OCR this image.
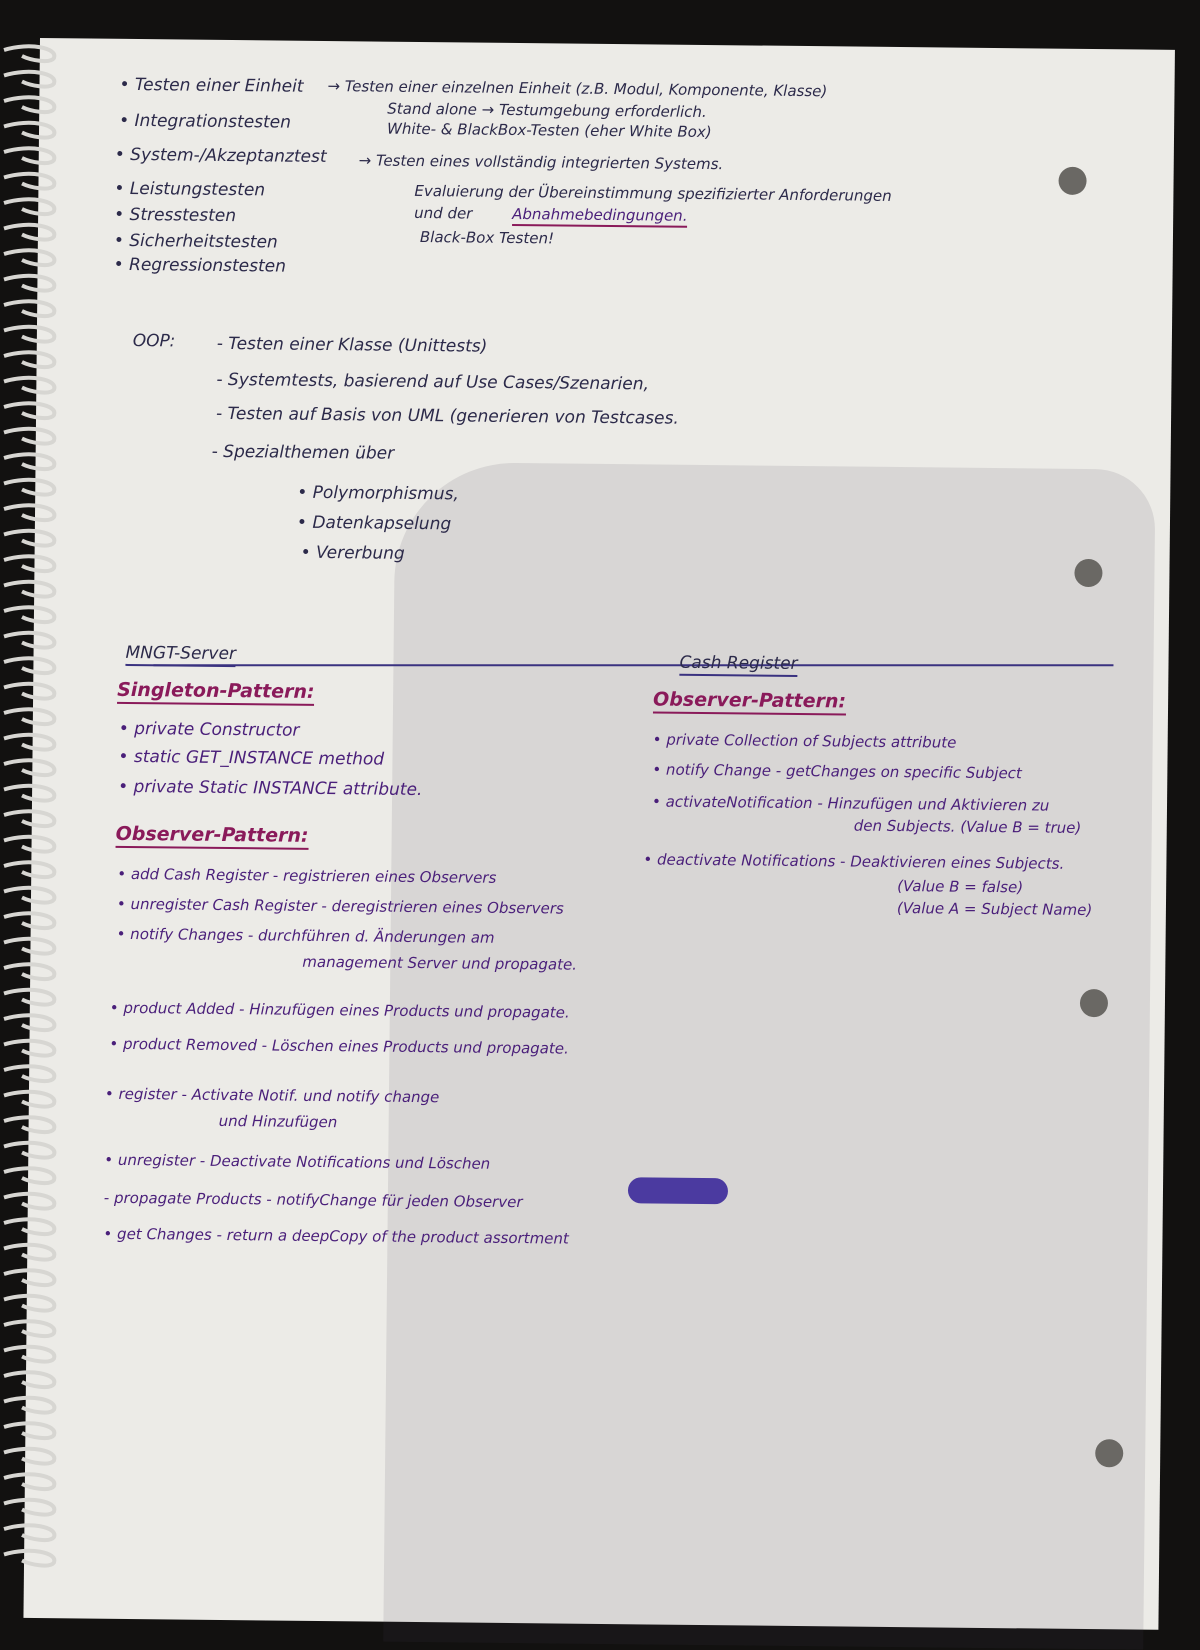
• Testen einer Einheit
• Integrationstesten
• System-/Akzeptanztest
• Leistungstesten
• Stresstesten
• Sicherheitstesten
• Regressionstesten
→ Testen einer einzelnen Einheit (z.B. Modul, Komponente, Klasse)
Stand alone → Testumgebung erforderlich.
White- & BlackBox-Testen (eher White Box)
→ Testen eines vollständig integrierten Systems.
Evaluierung der Übereinstimmung spezifizierter Anforderungen
und der	Abnahmebedingungen.
Black-Box Testen!
OOP: - Testen einer Klasse (Unittests)
- Systemtests, basierend auf Use Cases/Szenarien,
- Testen auf Basis von UML (generieren von Testcases.
- Spezialthemen über
• Polymorphismus,
• Datenkapselung
• Vererbung
MNGT-Server
Singleton-Pattern:
• private Constructor
• static GET_INSTANCE method
• private Static INSTANCE attribute.
Observer-Pattern:
• add Cash Register - registrieren eines Observers
• unregister Cash Register - deregistrieren eines Observers
• notify Changes - durchführen d. Änderungen am
management Server und propagate.
• product Added - Hinzufügen eines Products und propagate.
• product Removed - Löschen eines Products und propagate.
• register - Activate Notif. und notify change
und Hinzufügen
• unregister - Deactivate Notifications und Löschen
- propagate Products - notifyChange für jeden Observer
• get Changes - return a deepCopy of the product assortment
Cash Register
Observer-Pattern:
• private Collection of Subjects attribute
• notify Change - getChanges on specific Subject
• activateNotification - Hinzufügen und Aktivieren zu
den Subjects. (Value B = true)
• deactivate Notifications - Deaktivieren eines Subjects.
(Value B = false)
(Value A = Subject Name)
